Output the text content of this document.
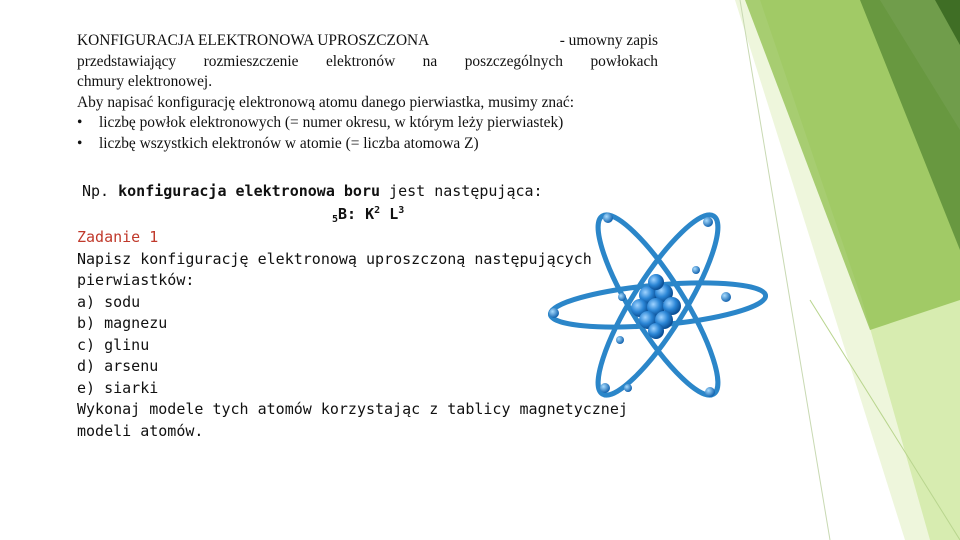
KONFIGURACJA ELEKTRONOWA UPROSZCZONA	- umowny zapis
przedstawiający rozmieszczenie elektronów na poszczególnych powłokach
chmury elektronowej.
Aby napisać konfigurację elektronową atomu danego pierwiastka, musimy znać:
•	liczbę powłok elektronowych (= numer okresu, w którym leży pierwiastek)
•	liczbę wszystkich elektronów w atomie (= liczba atomowa Z)
Np. konfiguracja elektronowa boru jest następująca:
$_5$B: $K^2$ $L^3$
Zadanie 1
Napisz konfigurację elektronową uproszczoną następujących
pierwiastków:
a) sodu
b) magnezu
c) glinu
d) arsenu
e) siarki
Wykonaj modele tych atomów korzystając z tablicy magnetycznej
modeli atomów.
